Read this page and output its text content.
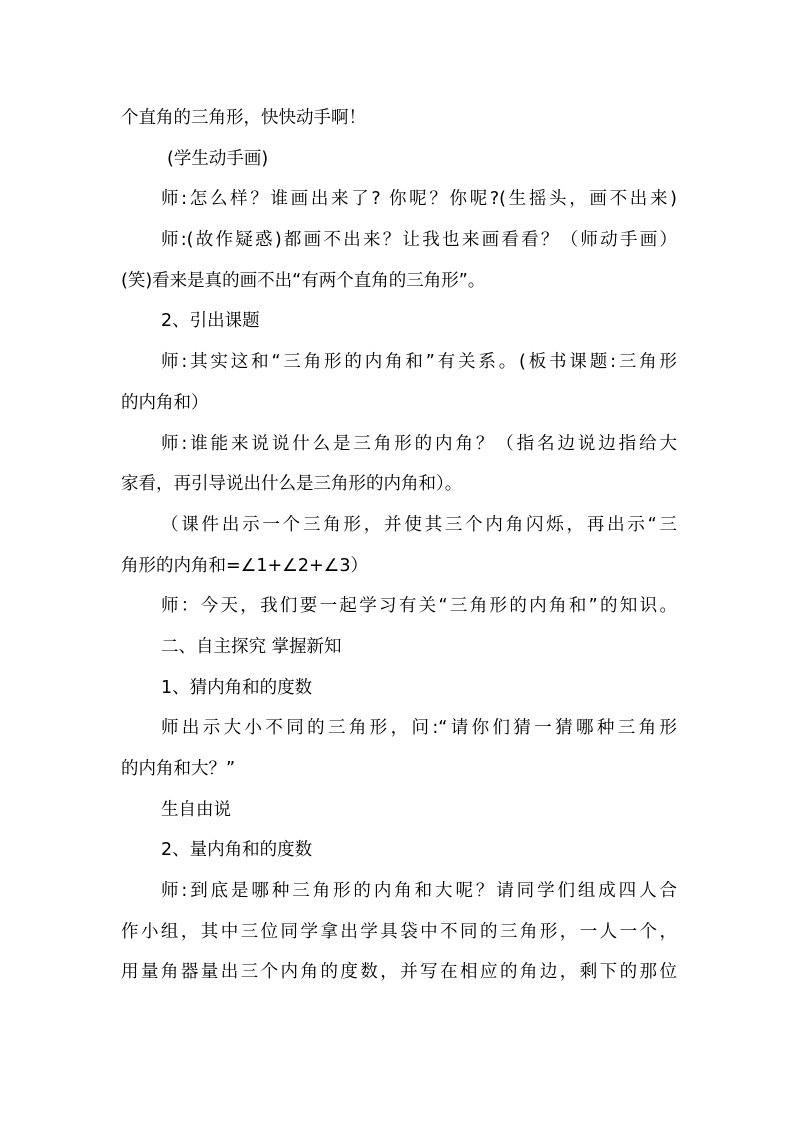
个直角的三角形，快快动手啊！
(学生动手画)
师:怎么样？谁画出来了? 你呢？你呢?(生摇头，画不出来)
师:(故作疑惑)都画不出来？让我也来画看看？（师动手画）
(笑)看来是真的画不出“有两个直角的三角形”。
2、引出课题
师:其实这和“三角形的内角和”有关系。(板书课题:三角形
的内角和）
师:谁能来说说什么是三角形的内角？（指名边说边指给大
家看，再引导说出什么是三角形的内角和）。
（课件出示一个三角形，并使其三个内角闪烁，再出示“三
角形的内角和=∠1+∠2+∠3）
师：今天，我们要一起学习有关“三角形的内角和”的知识。
二、自主探究 掌握新知
1、猜内角和的度数
师出示大小不同的三角形，问:“请你们猜一猜哪种三角形
的内角和大？”
生自由说
2、量内角和的度数
师:到底是哪种三角形的内角和大呢？请同学们组成四人合
作小组，其中三位同学拿出学具袋中不同的三角形，一人一个，
用量角器量出三个内角的度数，并写在相应的角边，剩下的那位
